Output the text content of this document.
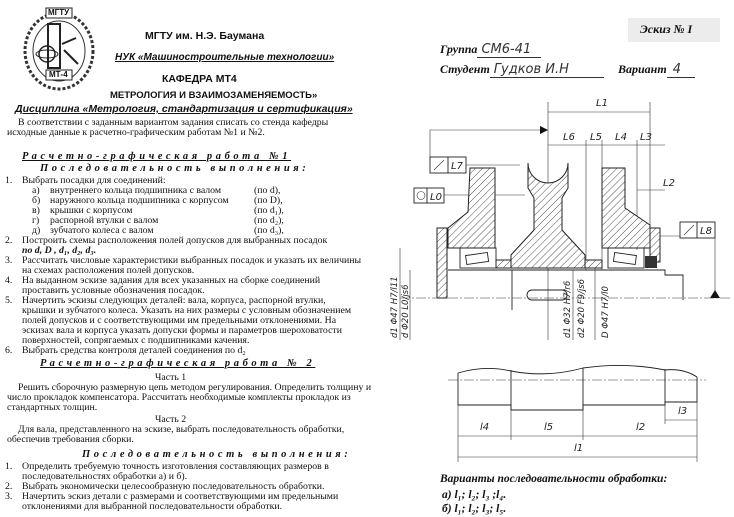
МГТУ
МТ-4
МГТУ им. Н.Э. Баумана
НУК «Машиностроительные технологии»
КАФЕДРА МТ4
МЕТРОЛОГИЯ И ВЗАИМОЗАМЕНЯЕМОСТЬ»
Дисциплина «Метрология, стандартизация и сертификация»
В соответствии с заданным вариантом задания списать со стенда кафедры
исходные данные к расчетно-графическим работам №1 и №2.
Расчетно-графическая работа №1
Последовательность выполнения:
1. Выбрать посадки для соединений:
а) внутреннего кольца подшипника с валом	(по d),
б) наружного кольца подшипника с корпусом	(по D),
в) крышки с корпусом	(по d₁),
г) распорной втулки с валом	(по d₂),
д) зубчатого колеса с валом	(по d₃),
2. Построить схемы расположения полей допусков для выбранных посадок
по d, D , d₁, d₂, d₃.
3. Рассчитать числовые характеристики выбранных посадок и указать их величины
на схемах расположения полей допусков.
4. На выданном эскизе задания для всех указанных на сборке соединений
проставить условные обозначения посадок.
5. Начертить эскизы следующих деталей: вала, корпуса, распорной втулки,
крышки и зубчатого колеса. Указать на них размеры с условным обозначением
полей допусков и с соответствующими им предельными отклонениями. На
эскизах вала и корпуса указать допуски формы и параметров шероховатости
поверхностей, сопрягаемых с подшипниками качения.
6. Выбрать средства контроля деталей соединения по d₂
Расчетно-графическая работа № 2
Часть 1
Решить сборочную размерную цепь методом регулирования. Определить толщину и
число прокладок компенсатора. Рассчитать необходимые комплекты прокладок из
стандартных толщин.
Часть 2
Для вала, представленного на эскизе, выбрать последовательность обработки,
обеспечив требования сборки.
Последовательность выполнения:
1. Определить требуемую точность изготовления составляющих размеров в
последовательностях обработки а) и б).
2. Выбрать экономически целесообразную последовательность обработки.
3. Начертить эскиз детали с размерами и соответствующими им предельными
отклонениями для выбранной последовательности обработки.
Эскиз № I
Группа СМ6-41
Студент Гудков И.Н	Вариант 4
L1
L6 L5 L4 L3
L7
L0
L2
L8
d1 Φ47 H7/l11 d Φ20 L0/js6	d1 Φ32 H7/r6 d2 Φ20 F9/js6 D Φ47 H7/l0
l3
l4	l5	l2
l1
Варианты последовательности обработки:
а) l₁; l₂; l₃ ;l₄.
б) l₁; l₂; l₃; l₅.
